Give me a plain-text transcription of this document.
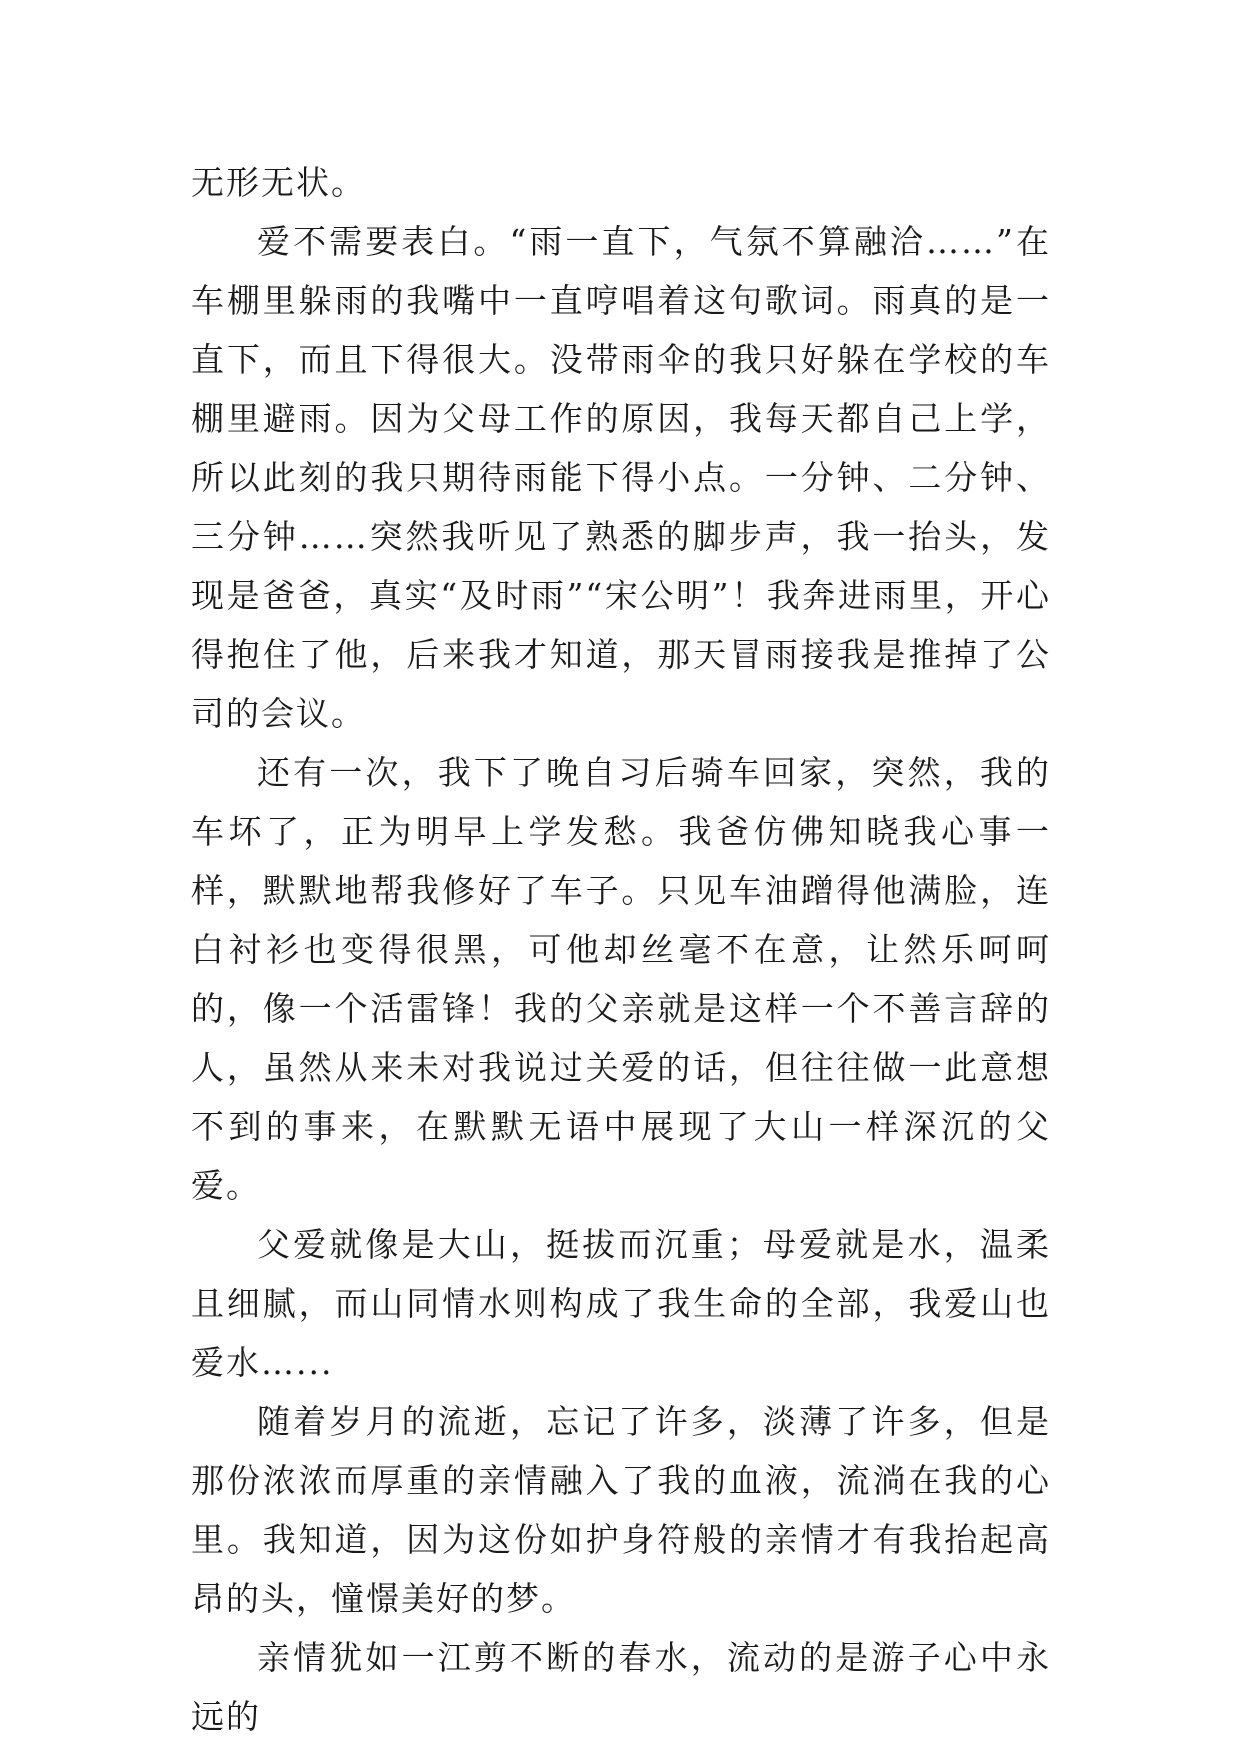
无形无状。

爱不需要表白。“雨一直下，气氛不算融洽……”在车棚里躲雨的我嘴中一直哼唱着这句歌词。雨真的是一直下，而且下得很大。没带雨伞的我只好躲在学校的车棚里避雨。因为父母工作的原因，我每天都自己上学，所以此刻的我只期待雨能下得小点。一分钟、二分钟、三分钟……突然我听见了熟悉的脚步声，我一抬头，发现是爸爸，真实“及时雨”“宋公明”！我奔进雨里，开心得抱住了他，后来我才知道，那天冒雨接我是推掉了公司的会议。

还有一次，我下了晚自习后骑车回家，突然，我的车坏了，正为明早上学发愁。我爸仿佛知晓我心事一样，默默地帮我修好了车子。只见车油蹭得他满脸，连白衬衫也变得很黑，可他却丝毫不在意，让然乐呵呵的，像一个活雷锋！我的父亲就是这样一个不善言辞的人，虽然从来未对我说过关爱的话，但往往做一此意想不到的事来，在默默无语中展现了大山一样深沉的父爱。

父爱就像是大山，挺拔而沉重；母爱就是水，温柔且细腻，而山同情水则构成了我生命的全部，我爱山也爱水…...

随着岁月的流逝，忘记了许多，淡薄了许多，但是那份浓浓而厚重的亲情融入了我的血液，流淌在我的心里。我知道，因为这份如护身符般的亲情才有我抬起高昂的头，憧憬美好的梦。

亲情犹如一江剪不断的春水，流动的是游子心中永远的
